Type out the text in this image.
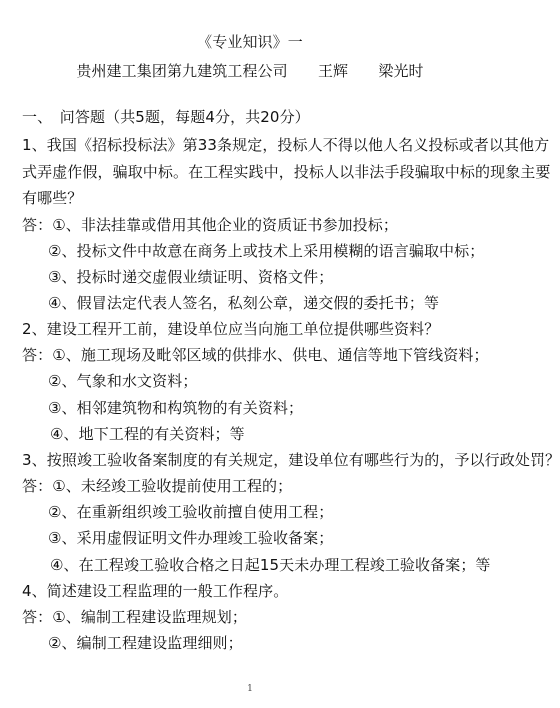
《专业知识》一
贵州建工集团第九建筑工程公司　　王辉　　梁光时
一、　问答题（共5题，每题4分，共20分）
1、我国《招标投标法》第33条规定，投标人不得以他人名义投标或者以其他方
式弄虚作假，骗取中标。在工程实践中，投标人以非法手段骗取中标的现象主要
有哪些？
答：①、非法挂靠或借用其他企业的资质证书参加投标；
②、投标文件中故意在商务上或技术上采用模糊的语言骗取中标；
③、投标时递交虚假业绩证明、资格文件；
④、假冒法定代表人签名，私刻公章，递交假的委托书；等
2、建设工程开工前，建设单位应当向施工单位提供哪些资料？
答：①、施工现场及毗邻区域的供排水、供电、通信等地下管线资料；
②、气象和水文资料；
③、相邻建筑物和构筑物的有关资料；
④、地下工程的有关资料；等
3、按照竣工验收备案制度的有关规定，建设单位有哪些行为的，予以行政处罚？
答：①、未经竣工验收提前使用工程的；
②、在重新组织竣工验收前擅自使用工程；
③、采用虚假证明文件办理竣工验收备案；
④、在工程竣工验收合格之日起15天未办理工程竣工验收备案；等
4、简述建设工程监理的一般工作程序。
答：①、编制工程建设监理规划；
②、编制工程建设监理细则；
1
